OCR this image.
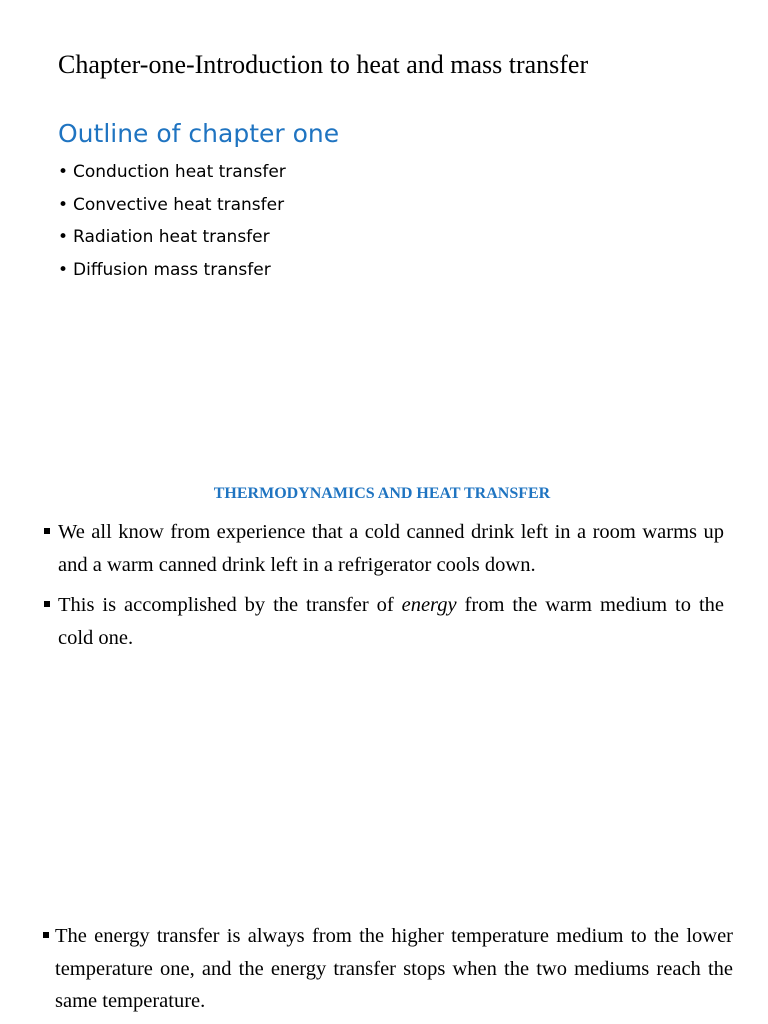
Chapter-one-Introduction to heat and mass transfer
Outline of chapter one
• Conduction heat transfer
• Convective heat transfer
• Radiation heat transfer
• Diffusion mass transfer
THERMODYNAMICS AND HEAT TRANSFER
We all know from experience that a cold canned drink left in a room warms up and a warm canned drink left in a refrigerator cools down.
This is accomplished by the transfer of energy from the warm medium to the cold one.
The energy transfer is always from the higher temperature medium to the lower temperature one, and the energy transfer stops when the two mediums reach the same temperature.
